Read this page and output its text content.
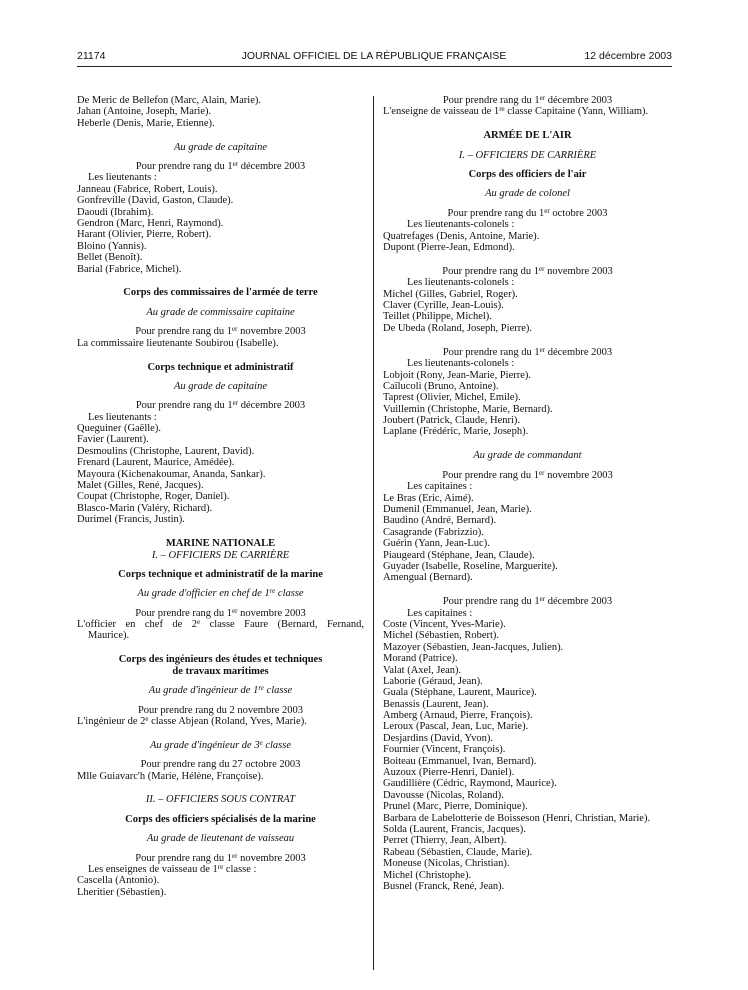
21174	JOURNAL OFFICIEL DE LA RÉPUBLIQUE FRANÇAISE	12 décembre 2003
De Meric de Bellefon (Marc, Alain, Marie).
Jahan (Antoine, Joseph, Marie).
Heberle (Denis, Marie, Etienne).
Au grade de capitaine
Pour prendre rang du 1er décembre 2003
Les lieutenants :
Janneau (Fabrice, Robert, Louis).
Gonfreville (David, Gaston, Claude).
Daoudi (Ibrahim).
Gendron (Marc, Henri, Raymond).
Harant (Olivier, Pierre, Robert).
Bloino (Yannis).
Bellet (Benoît).
Barial (Fabrice, Michel).
Corps des commissaires de l'armée de terre
Au grade de commissaire capitaine
Pour prendre rang du 1er novembre 2003
La commissaire lieutenante Soubirou (Isabelle).
Corps technique et administratif
Au grade de capitaine
Pour prendre rang du 1er décembre 2003
Les lieutenants :
Queguiner (Gaëlle).
Favier (Laurent).
Desmoulins (Christophe, Laurent, David).
Frenard (Laurent, Maurice, Amédée).
Mayoura (Kichenakoumar, Ananda, Sankar).
Malet (Gilles, René, Jacques).
Coupat (Christophe, Roger, Daniel).
Blasco-Marin (Valéry, Richard).
Durimel (Francis, Justin).
MARINE NATIONALE
I. – OFFICIERS DE CARRIÈRE
Corps technique et administratif de la marine
Au grade d'officier en chef de 1re classe
Pour prendre rang du 1er novembre 2003
L'officier en chef de 2e classe Faure (Bernard, Fernand,
Maurice).
Corps des ingénieurs des études et techniques
de travaux maritimes
Au grade d'ingénieur de 1re classe
Pour prendre rang du 2 novembre 2003
L'ingénieur de 2e classe Abjean (Roland, Yves, Marie).
Au grade d'ingénieur de 3e classe
Pour prendre rang du 27 octobre 2003
Mlle Guiavarc'h (Marie, Hélène, Françoise).
II. – OFFICIERS SOUS CONTRAT
Corps des officiers spécialisés de la marine
Au grade de lieutenant de vaisseau
Pour prendre rang du 1er novembre 2003
Les enseignes de vaisseau de 1re classe :
Cascella (Antonio).
Lheritier (Sébastien).
Pour prendre rang du 1er décembre 2003
L'enseigne de vaisseau de 1re classe Capitaine (Yann, William).
ARMÉE DE L'AIR
I. – OFFICIERS DE CARRIÈRE
Corps des officiers de l'air
Au grade de colonel
Pour prendre rang du 1er octobre 2003
Les lieutenants-colonels :
Quatrefages (Denis, Antoine, Marie).
Dupont (Pierre-Jean, Edmond).
Pour prendre rang du 1er novembre 2003
Les lieutenants-colonels :
Michel (Gilles, Gabriel, Roger).
Claver (Cyrille, Jean-Louis).
Teillet (Philippe, Michel).
De Ubeda (Roland, Joseph, Pierre).
Pour prendre rang du 1er décembre 2003
Les lieutenants-colonels :
Lobjoit (Rony, Jean-Marie, Pierre).
Caïlucoli (Bruno, Antoine).
Taprest (Olivier, Michel, Emile).
Vuillemin (Christophe, Marie, Bernard).
Joubert (Patrick, Claude, Henri).
Laplane (Frédéric, Marie, Joseph).
Au grade de commandant
Pour prendre rang du 1er novembre 2003
Les capitaines :
Le Bras (Eric, Aimé).
Dumenil (Emmanuel, Jean, Marie).
Baudino (André, Bernard).
Casagrande (Fabrizzio).
Guérin (Yann, Jean-Luc).
Piaugeard (Stéphane, Jean, Claude).
Guyader (Isabelle, Roseline, Marguerite).
Amengual (Bernard).
Pour prendre rang du 1er décembre 2003
Les capitaines :
Coste (Vincent, Yves-Marie).
Michel (Sébastien, Robert).
Mazoyer (Sébastien, Jean-Jacques, Julien).
Morand (Patrice).
Valat (Axel, Jean).
Laborie (Géraud, Jean).
Guala (Stéphane, Laurent, Maurice).
Benassis (Laurent, Jean).
Amberg (Arnaud, Pierre, François).
Leroux (Pascal, Jean, Luc, Marie).
Desjardins (David, Yvon).
Fournier (Vincent, François).
Boiteau (Emmanuel, Ivan, Bernard).
Auzoux (Pierre-Henri, Daniel).
Gaudillière (Cédric, Raymond, Maurice).
Davousse (Nicolas, Roland).
Prunel (Marc, Pierre, Dominique).
Barbara de Labelotterie de Boisseson (Henri, Christian, Marie).
Solda (Laurent, Francis, Jacques).
Perret (Thierry, Jean, Albert).
Rabeau (Sébastien, Claude, Marie).
Moneuse (Nicolas, Christian).
Michel (Christophe).
Busnel (Franck, René, Jean).
